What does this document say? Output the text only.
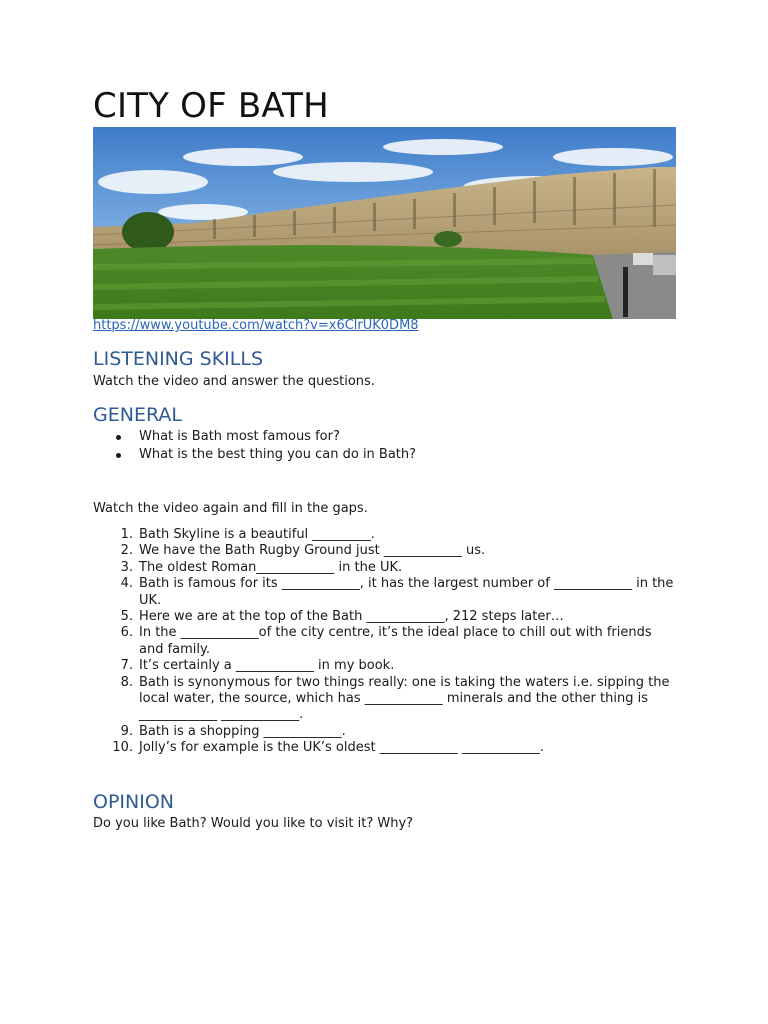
CITY OF BATH
https://www.youtube.com/watch?v=x6ClrUK0DM8
LISTENING SKILLS

Watch the video and answer the questions.

GENERAL
What is Bath most famous for?
What is the best thing you can do in Bath?

Watch the video again and fill in the gaps.

1. Bath Skyline is a beautiful _________.
2. We have the Bath Rugby Ground just ____________ us.
3. The oldest Roman____________ in the UK.
4. Bath is famous for its ____________, it has the largest number of ____________ in the UK.
5. Here we are at the top of the Bath ____________, 212 steps later…
6. In the ____________of the city centre, it’s the ideal place to chill out with friends and family.
7. It’s certainly a ____________ in my book.
8. Bath is synonymous for two things really: one is taking the waters i.e. sipping the local water, the source, which has ____________ minerals and the other thing is ____________ ____________.
9. Bath is a shopping ____________.
10. Jolly’s for example is the UK’s oldest ____________ ____________.
OPINION

Do you like Bath? Would you like to visit it? Why?
